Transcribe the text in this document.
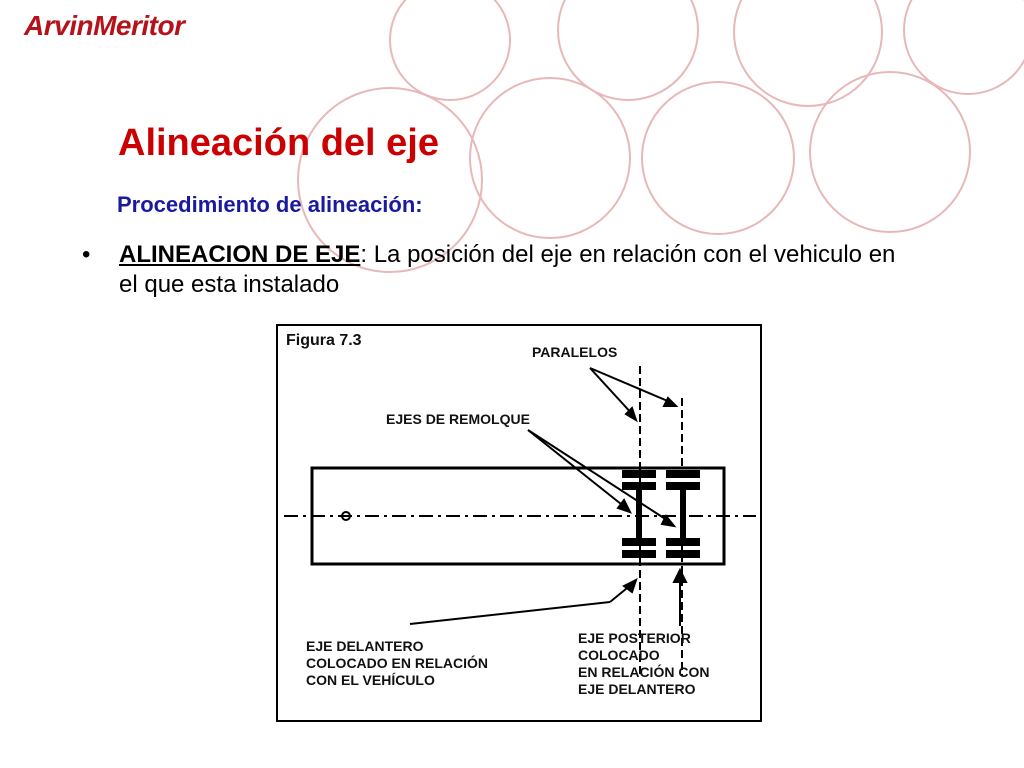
ArvinMeritor
Alineación del eje
Procedimiento de alineación:
• ALINEACION DE EJE: La posición del eje en relación con el vehiculo en el que esta instalado
Figura 7.3
PARALELOS
EJES DE REMOLQUE
EJE DELANTERO
COLOCADO EN RELACIÓN
CON EL VEHÍCULO
EJE POSTERIOR
COLOCADO
EN RELACIÓN CON
EJE DELANTERO
